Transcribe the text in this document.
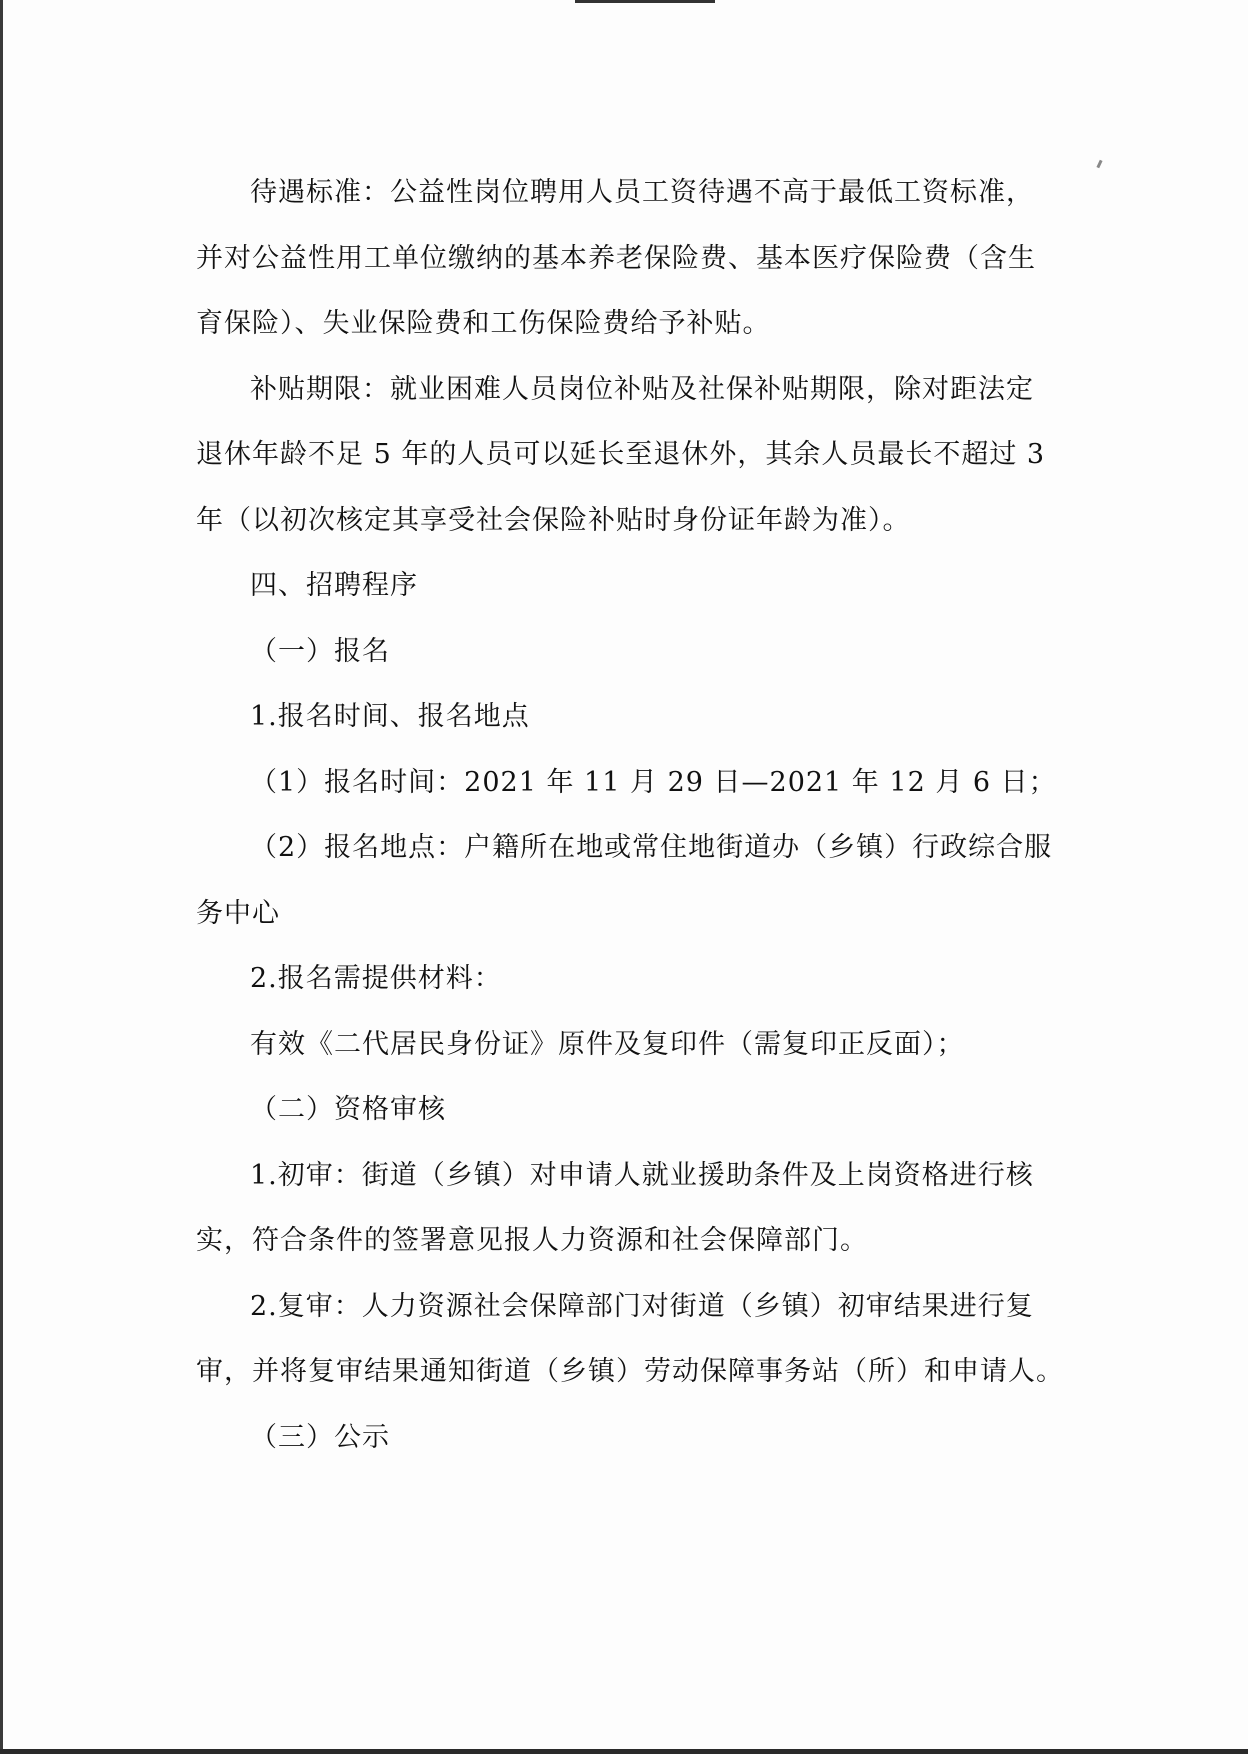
待遇标准：公益性岗位聘用人员工资待遇不高于最低工资标准，
并对公益性用工单位缴纳的基本养老保险费、基本医疗保险费（含生
育保险）、失业保险费和工伤保险费给予补贴。

补贴期限：就业困难人员岗位补贴及社保补贴期限，除对距法定
退休年龄不足 5 年的人员可以延长至退休外，其余人员最长不超过 3
年（以初次核定其享受社会保险补贴时身份证年龄为准）。

四、招聘程序

（一）报名

1.报名时间、报名地点

（1）报名时间：2021 年 11 月 29 日—2021 年 12 月 6 日；

（2）报名地点：户籍所在地或常住地街道办（乡镇）行政综合服
务中心

2.报名需提供材料：

有效《二代居民身份证》原件及复印件（需复印正反面）；

（二）资格审核

1.初审：街道（乡镇）对申请人就业援助条件及上岗资格进行核
实，符合条件的签署意见报人力资源和社会保障部门。

2.复审：人力资源社会保障部门对街道（乡镇）初审结果进行复
审，并将复审结果通知街道（乡镇）劳动保障事务站（所）和申请人。

（三）公示
